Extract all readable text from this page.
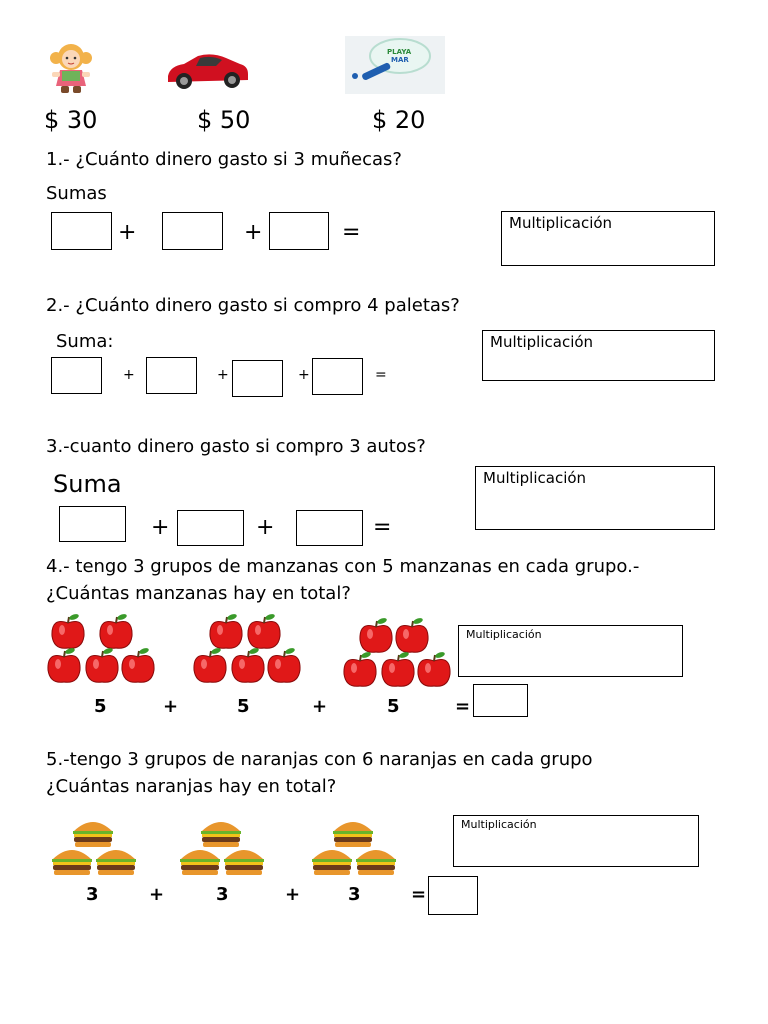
PLAYA
MAR
$ 30	$ 50	$ 20
1.- ¿Cuánto dinero gasto si 3 muñecas?
Sumas
+	+	=	Multiplicación
2.- ¿Cuánto dinero gasto si compro 4 paletas?
Suma:
+	+	+	=
Multiplicación
3.-cuanto dinero gasto si compro 3 autos?
Suma
+	+	=
Multiplicación
4.- tengo 3 grupos de manzanas con 5 manzanas en cada grupo.-
¿Cuántas manzanas hay en total?
5	+	5	+	5	=
Multiplicación
5.-tengo 3 grupos de naranjas con 6 naranjas en cada grupo
¿Cuántas naranjas hay en total?
3	+	3	+	3	=
Multiplicación
